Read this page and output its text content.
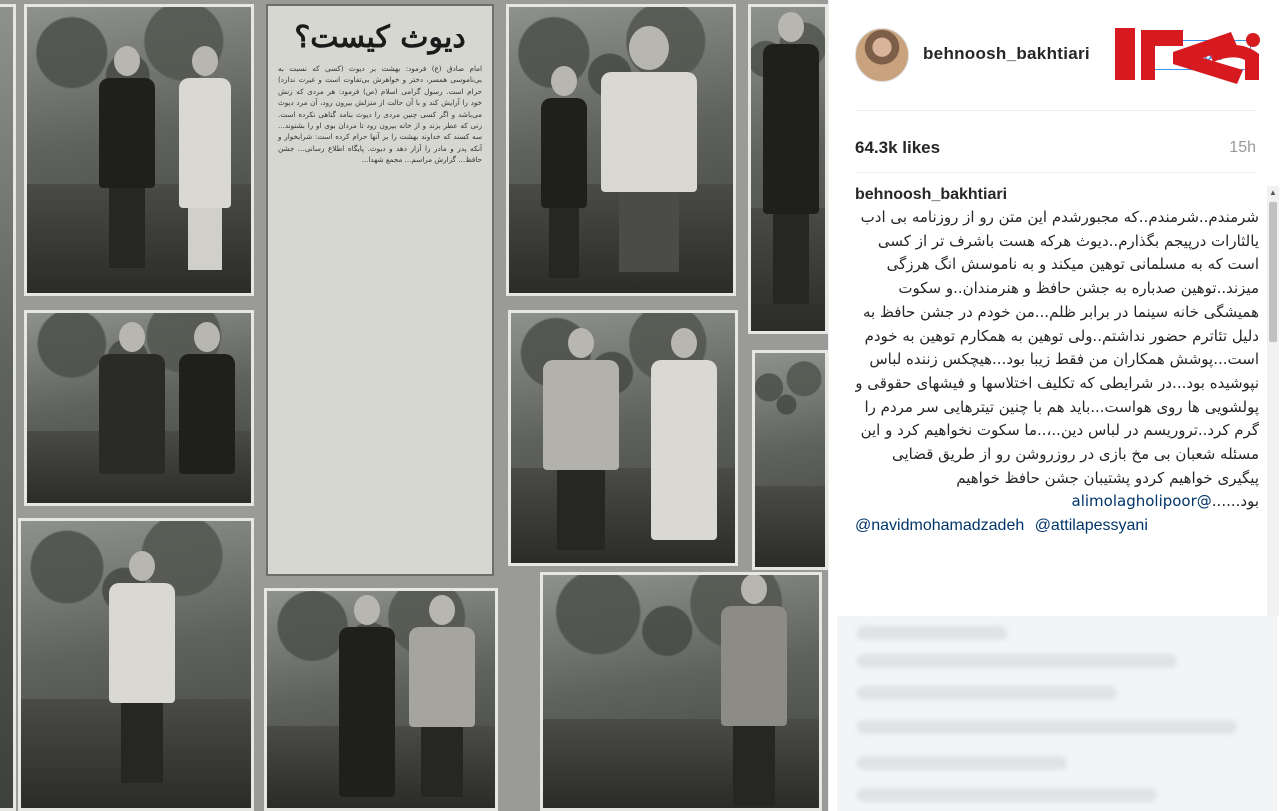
دیوث کیست؟
امام صادق (ع) فرمود: بهشت بر دیوث (کسی که نسبت به بی‌ناموسی همسر، دختر و خواهرش بی‌تفاوت است و غیرت ندارد) حرام است. رسول گرامی اسلام (ص) فرمود: هر مردی که زنش خود را آرایش کند و با آن حالت از منزلش بیرون رود، آن مرد دیوث می‌باشد و اگر کسی چنین مردی را دیوث بنامد گناهی نکرده است. زنی که عطر بزند و از خانه بیرون رود تا مردان بوی او را بشنوند... سه کسند که خداوند بهشت را بر آنها حرام کرده است: شرابخوار و آنکه پدر و مادر را آزار دهد و دیوث. پایگاه اطلاع رسانی... جشن حافظ... گزارش مراسم... مجمع شهدا...
behnoosh_bakhtiari
64.3k likes	15h
behnoosh_bakhtiari
شرمندم..شرمندم..که مجبورشدم این متن رو از روزنامه بی ادب یالثارات درپیجم بگذارم..دیوث هرکه هست باشرف تر از کسی است که به مسلمانی توهین میکند و به ناموسش انگ هرزگی میزند..توهین صدباره به جشن حافظ و هنرمندان..و سکوت همیشگی خانه سینما در برابر ظلم...من خودم در جشن حافظ به دلیل تئاترم حضور نداشتم..ولی توهین به همکارم توهین به خودم است...پوشش همکاران من فقط زیبا بود...هیچکس زننده لباس نپوشیده بود...در شرایطی که تکلیف اختلاسها و فیشهای حقوقی و پولشویی ها روی هواست...باید هم با چنین تیترهایی سر مردم را گرم کرد..تروریسم در لباس دین..،..ما سکوت نخواهیم کرد و این مسئله شعبان بی مخ بازی در روزروشن رو از طریق قضایی پیگیری خواهیم کردو پشتیبان جشن حافظ خواهیم بود......@alimolagholipoor
@navidmohamadzadeh @attilapessyani
▲
